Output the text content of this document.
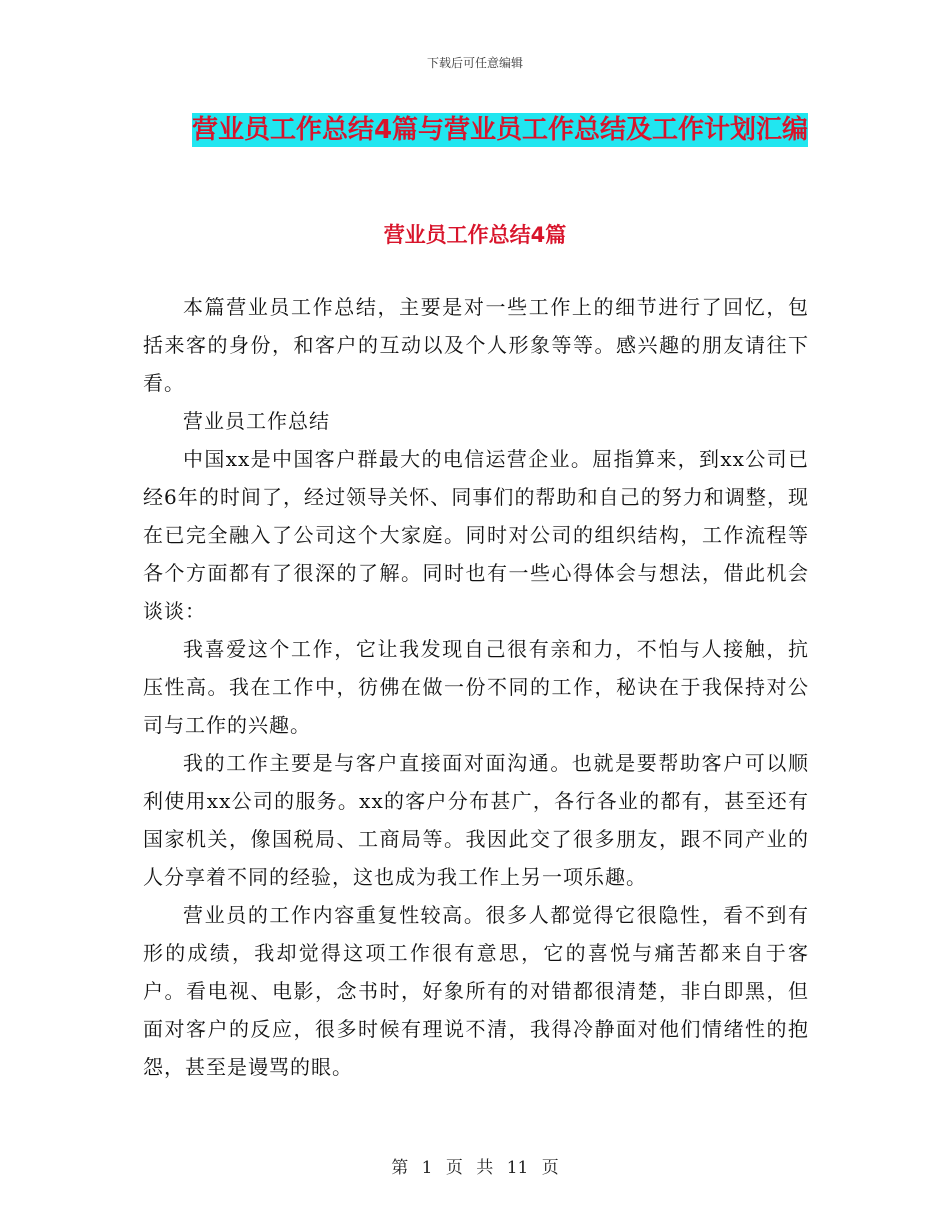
下载后可任意编辑
营业员工作总结4篇与营业员工作总结及工作计划汇编
营业员工作总结4篇

本篇营业员工作总结，主要是对一些工作上的细节进行了回忆，包括来客的身份，和客户的互动以及个人形象等等。感兴趣的朋友请往下看。

营业员工作总结

中国xx是中国客户群最大的电信运营企业。屈指算来，到xx公司已经6年的时间了，经过领导关怀、同事们的帮助和自己的努力和调整，现在已完全融入了公司这个大家庭。同时对公司的组织结构，工作流程等各个方面都有了很深的了解。同时也有一些心得体会与想法，借此机会谈谈：

我喜爱这个工作，它让我发现自己很有亲和力，不怕与人接触，抗压性高。我在工作中，彷佛在做一份不同的工作，秘诀在于我保持对公司与工作的兴趣。

我的工作主要是与客户直接面对面沟通。也就是要帮助客户可以顺利使用xx公司的服务。xx的客户分布甚广，各行各业的都有，甚至还有国家机关，像国税局、工商局等。我因此交了很多朋友，跟不同产业的人分享着不同的经验，这也成为我工作上另一项乐趣。

营业员的工作内容重复性较高。很多人都觉得它很隐性，看不到有形的成绩，我却觉得这项工作很有意思，它的喜悦与痛苦都来自于客户。看电视、电影，念书时，好象所有的对错都很清楚，非白即黑，但面对客户的反应，很多时候有理说不清，我得冷静面对他们情绪性的抱怨，甚至是谩骂的眼。

第 1 页 共 11 页
